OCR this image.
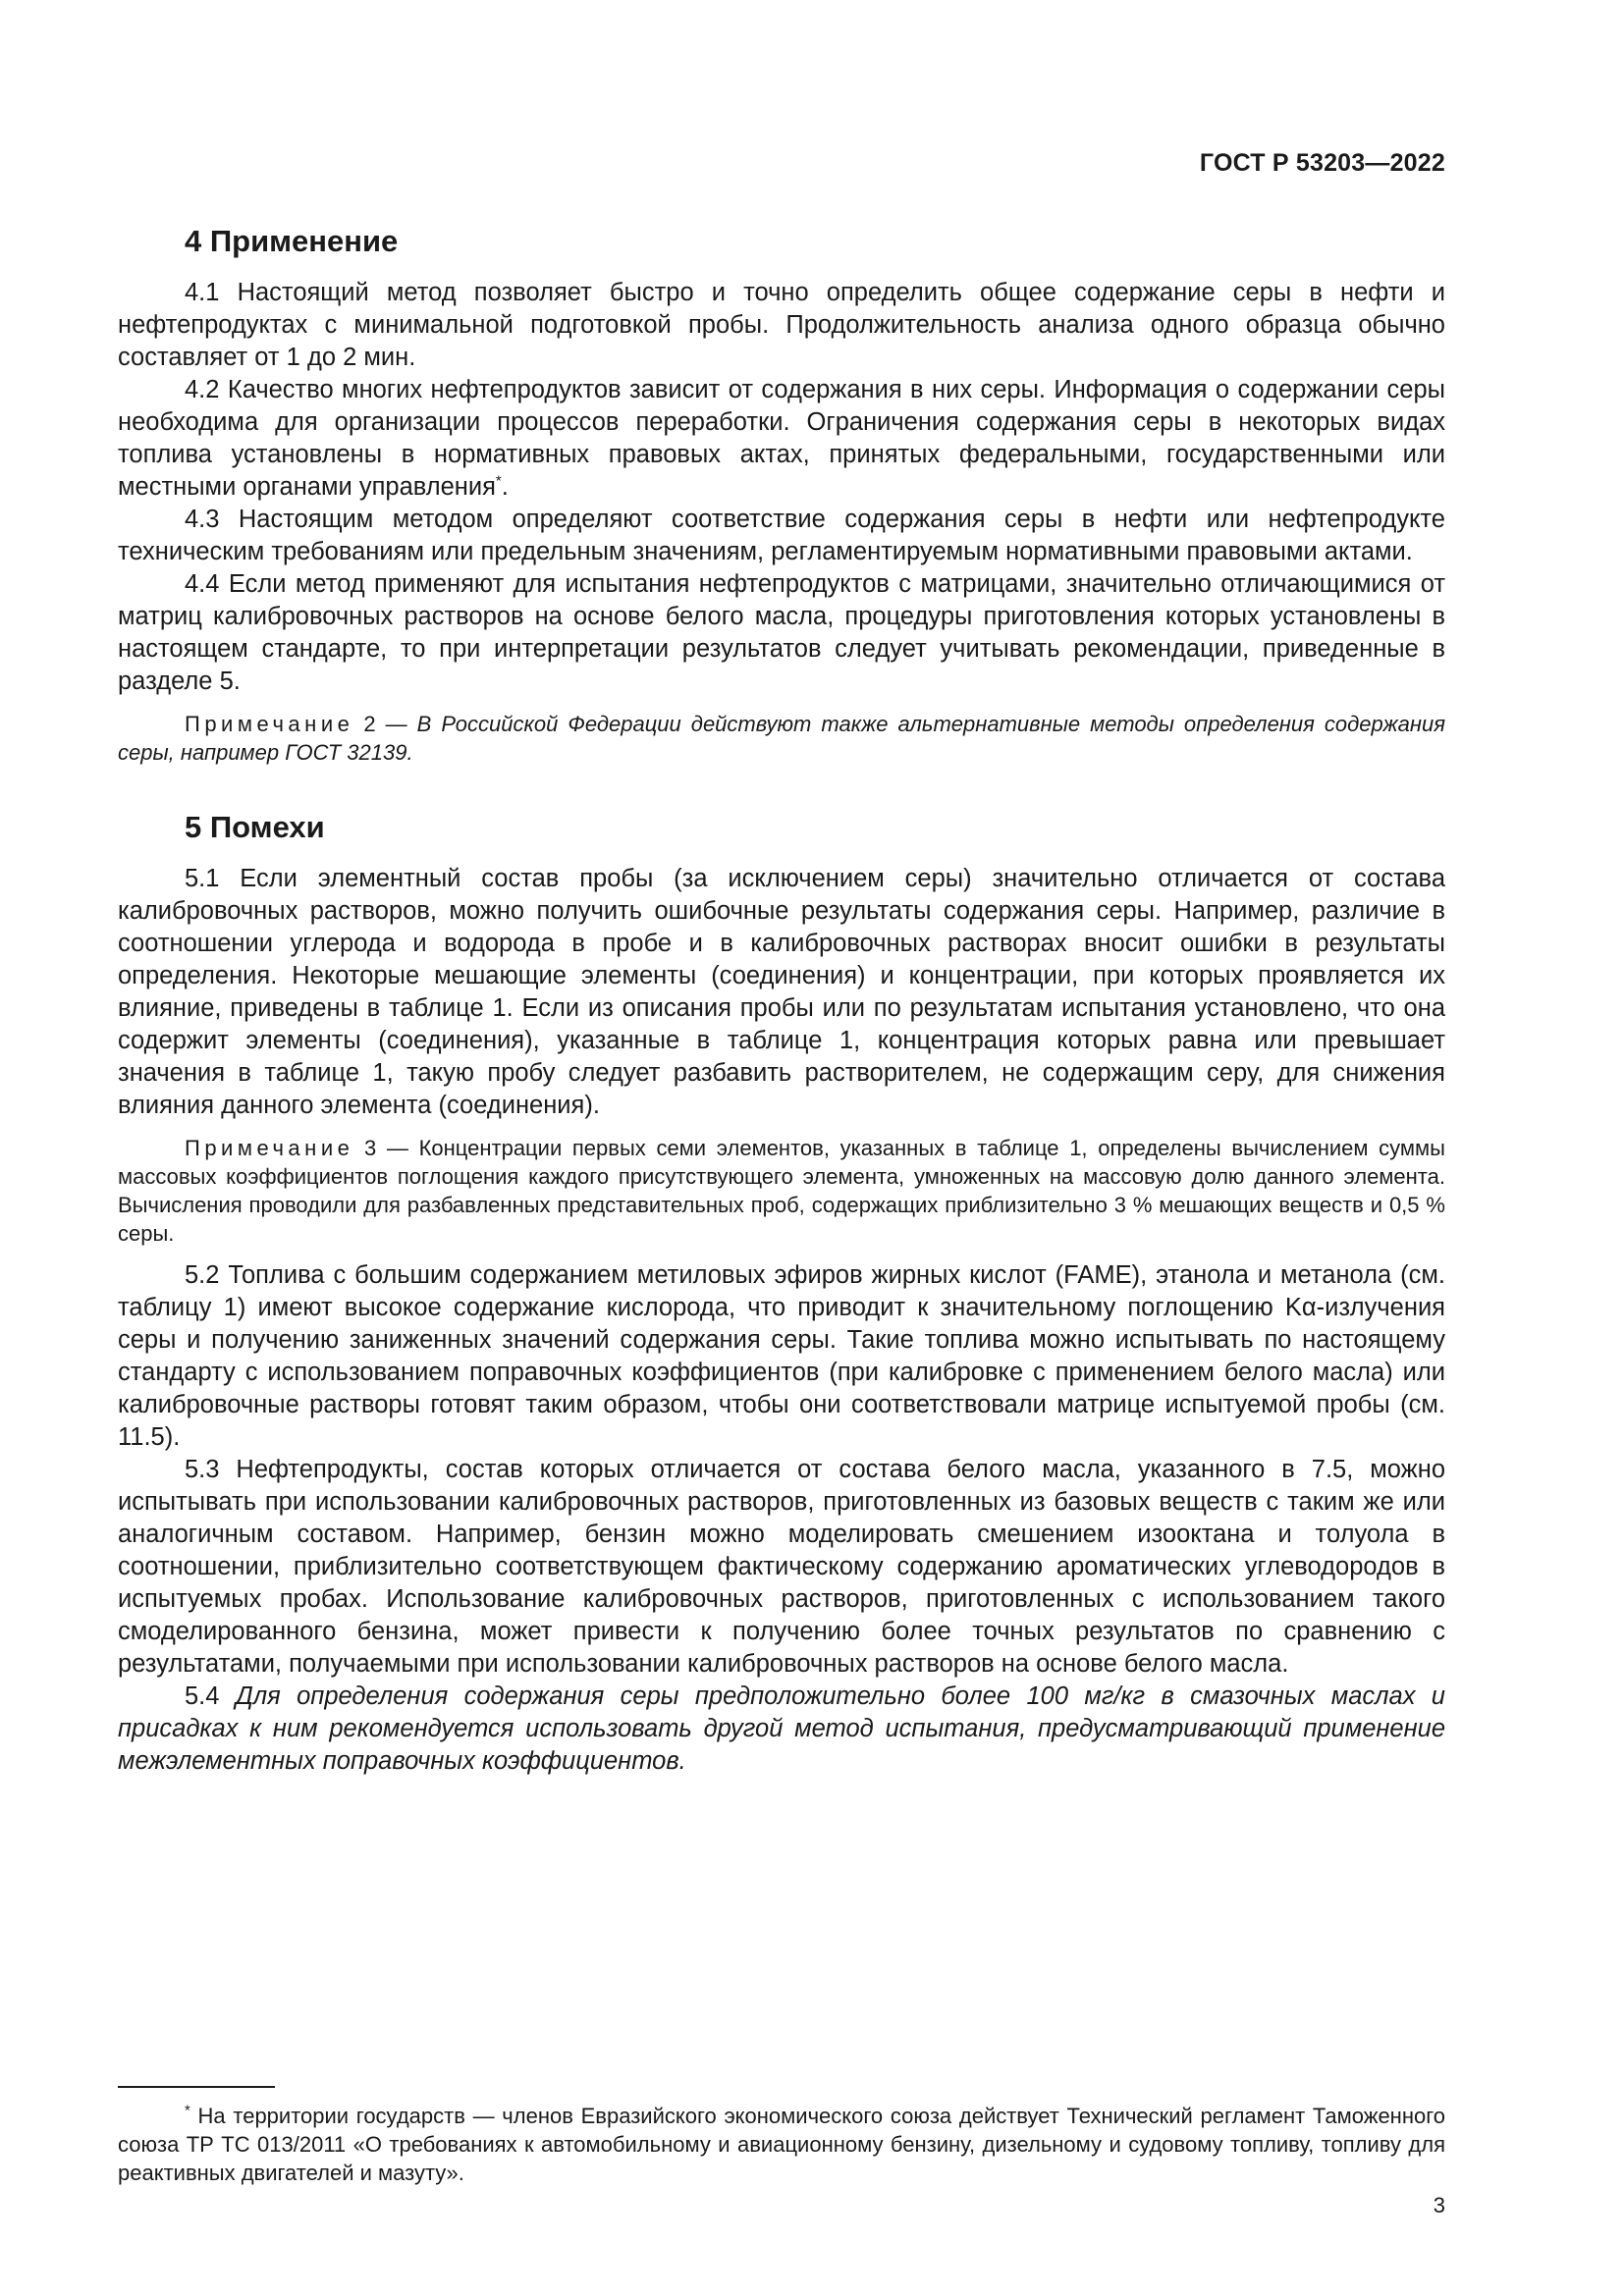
ГОСТ Р 53203—2022
4 Применение

4.1 Настоящий метод позволяет быстро и точно определить общее содержание серы в нефти и нефтепродуктах с минимальной подготовкой пробы. Продолжительность анализа одного образца обычно составляет от 1 до 2 мин.

4.2 Качество многих нефтепродуктов зависит от содержания в них серы. Информация о содержании серы необходима для организации процессов переработки. Ограничения содержания серы в некоторых видах топлива установлены в нормативных правовых актах, принятых федеральными, государственными или местными органами управления*.

4.3 Настоящим методом определяют соответствие содержания серы в нефти или нефтепродукте техническим требованиям или предельным значениям, регламентируемым нормативными правовыми актами.

4.4 Если метод применяют для испытания нефтепродуктов с матрицами, значительно отличающимися от матриц калибровочных растворов на основе белого масла, процедуры приготовления которых установлены в настоящем стандарте, то при интерпретации результатов следует учитывать рекомендации, приведенные в разделе 5.

Примечание 2 — В Российской Федерации действуют также альтернативные методы определения содержания серы, например ГОСТ 32139.
5 Помехи

5.1 Если элементный состав пробы (за исключением серы) значительно отличается от состава калибровочных растворов, можно получить ошибочные результаты содержания серы. Например, различие в соотношении углерода и водорода в пробе и в калибровочных растворах вносит ошибки в результаты определения. Некоторые мешающие элементы (соединения) и концентрации, при которых проявляется их влияние, приведены в таблице 1. Если из описания пробы или по результатам испытания установлено, что она содержит элементы (соединения), указанные в таблице 1, концентрация которых равна или превышает значения в таблице 1, такую пробу следует разбавить растворителем, не содержащим серу, для снижения влияния данного элемента (соединения).

Примечание 3 — Концентрации первых семи элементов, указанных в таблице 1, определены вычислением суммы массовых коэффициентов поглощения каждого присутствующего элемента, умноженных на массовую долю данного элемента. Вычисления проводили для разбавленных представительных проб, содержащих приблизительно 3 % мешающих веществ и 0,5 % серы.

5.2 Топлива с большим содержанием метиловых эфиров жирных кислот (FAME), этанола и метанола (см. таблицу 1) имеют высокое содержание кислорода, что приводит к значительному поглощению Kα-излучения серы и получению заниженных значений содержания серы. Такие топлива можно испытывать по настоящему стандарту с использованием поправочных коэффициентов (при калибровке с применением белого масла) или калибровочные растворы готовят таким образом, чтобы они соответствовали матрице испытуемой пробы (см. 11.5).

5.3 Нефтепродукты, состав которых отличается от состава белого масла, указанного в 7.5, можно испытывать при использовании калибровочных растворов, приготовленных из базовых веществ с таким же или аналогичным составом. Например, бензин можно моделировать смешением изооктана и толуола в соотношении, приблизительно соответствующем фактическому содержанию ароматических углеводородов в испытуемых пробах. Использование калибровочных растворов, приготовленных с использованием такого смоделированного бензина, может привести к получению более точных результатов по сравнению с результатами, получаемыми при использовании калибровочных растворов на основе белого масла.

5.4 Для определения содержания серы предположительно более 100 мг/кг в смазочных маслах и присадках к ним рекомендуется использовать другой метод испытания, предусматривающий применение межэлементных поправочных коэффициентов.

* На территории государств — членов Евразийского экономического союза действует Технический регламент Таможенного союза ТР ТС 013/2011 «О требованиях к автомобильному и авиационному бензину, дизельному и судовому топливу, топливу для реактивных двигателей и мазуту».
3
